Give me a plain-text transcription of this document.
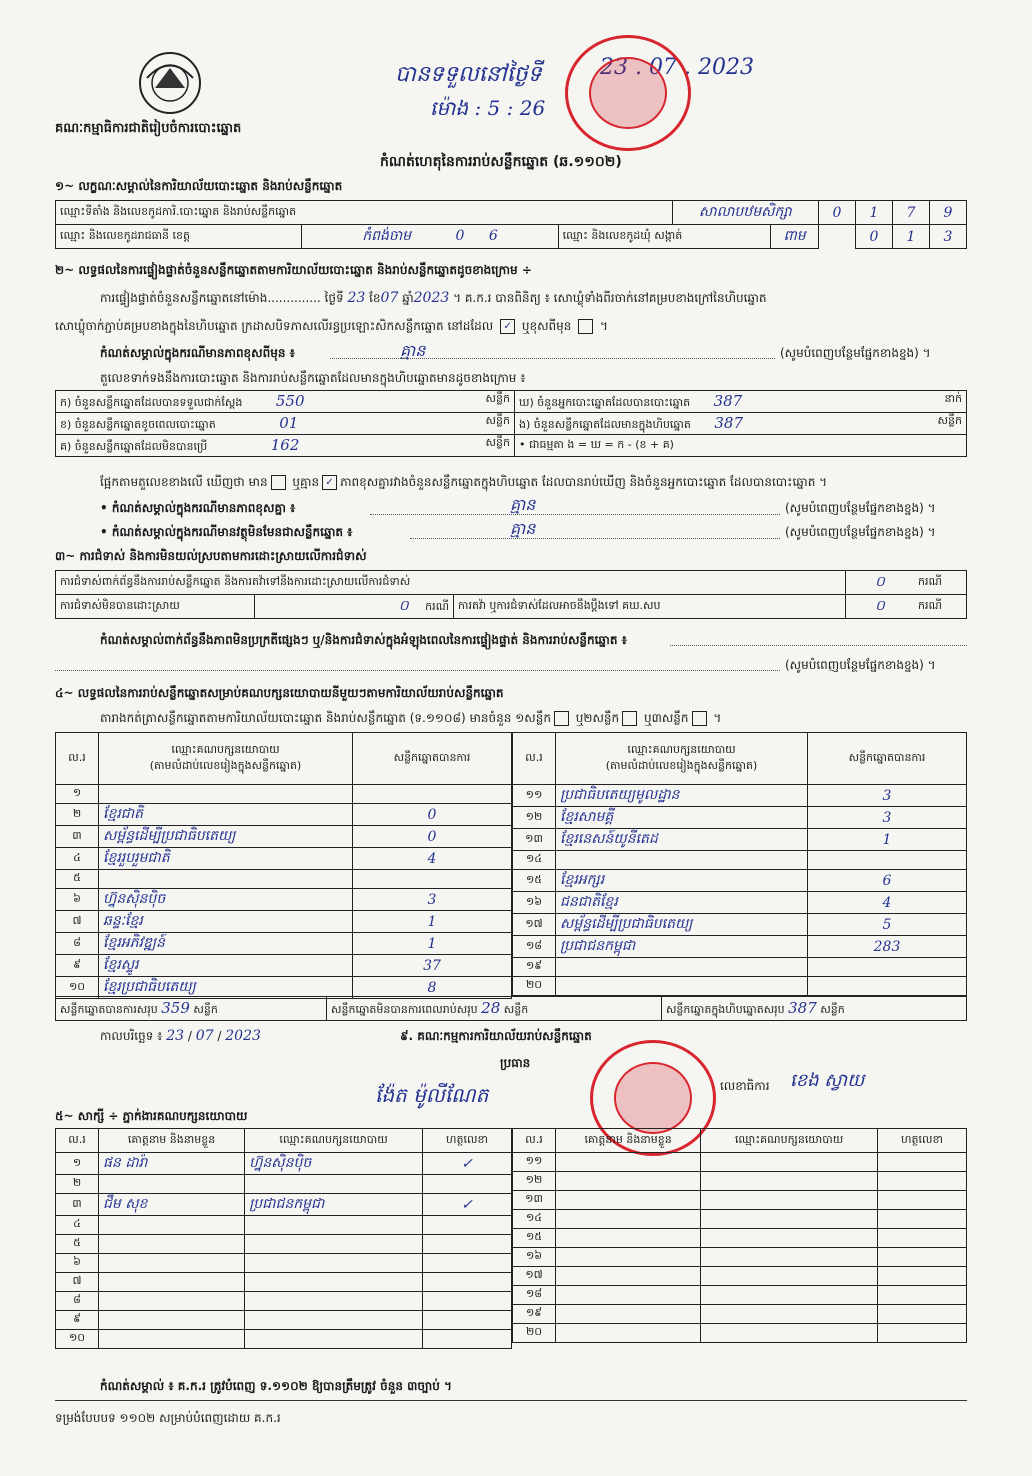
គណៈកម្មាធិការជាតិរៀបចំការបោះឆ្នោត
បានទទួលនៅថ្ងៃទី
ម៉ោង : 5 : 26
23 . 07 . 2023
កំណត់ហេតុនៃការរាប់សន្លឹកឆ្នោត (ឆ.១១០២)
១~ លក្ខណៈសម្គាល់នៃការិយាល័យបោះឆ្នោត និងរាប់សន្លឹកឆ្នោត
ឈ្មោះទីតាំង និងលេខកូដការិ.បោះឆ្នោត និងរាប់សន្លឹកឆ្នោត			សាលាបឋមសិក្សា		0	1	7	9
ឈ្មោះ និងលេខកូដរាជធានី ខេត្ត	កំពង់ចាម 0 6	ឈ្មោះ និងលេខកូដឃុំ សង្កាត់		ពាម		0	1	3
២~ លទ្ធផលនៃការផ្ទៀងផ្ទាត់ចំនួនសន្លឹកឆ្នោតតាមការិយាល័យបោះឆ្នោត និងរាប់សន្លឹកឆ្នោតដូចខាងក្រោម ÷
ការផ្ទៀងផ្ទាត់ចំនួនសន្លឹកឆ្នោតនៅម៉ោង.............. ថ្ងៃទី 23 ខែ07 ឆ្នាំ2023 ។ គ.ក.រ បានពិនិត្យ ៖ សោឃ្លុំទាំងពីរចាក់នៅគម្របខាងក្រៅនៃហិបឆ្នោត
សោឃ្លុំចាក់ភ្ជាប់គម្របខាងក្នុងនៃហិបឆ្នោត ក្រដាសបិទភាសលើរន្ធប្រឡោះសិកសន្លឹកឆ្នោត នៅដដែល ✓ ឬខុសពីមុន  ។
កំណត់សម្គាល់ក្នុងករណីមានភាពខុសពីមុន ៖	គ្មាន	(សូមបំពេញបន្ថែមផ្នែកខាងខ្នង) ។
តួលេខទាក់ទងនឹងការបោះឆ្នោត និងការរាប់សន្លឹកឆ្នោតដែលមានក្នុងហិបឆ្នោតមានដូចខាងក្រោម ៖
ក) ចំនួនសន្លឹកឆ្នោតដែលបានទទួលជាក់ស្តែង 550 សន្លឹក	ឃ) ចំនួនអ្នកបោះឆ្នោតដែលបានបោះឆ្នោត 387 នាក់

ខ) ចំនួនសន្លឹកឆ្នោតខូចពេលបោះឆ្នោត 01 សន្លឹក	ង) ចំនួនសន្លឹកឆ្នោតដែលមានក្នុងហិបឆ្នោត 387 សន្លឹក

គ) ចំនួនសន្លឹកឆ្នោតដែលមិនបានប្រើ 162 សន្លឹក	• ជាធម្មតា ង = ឃ = ក - (ខ + គ)
ផ្អែកតាមតួលេខខាងលើ ឃើញថា មាន ឬគ្មាន ✓ ភាពខុសគ្នារវាងចំនួនសន្លឹកឆ្នោតក្នុងហិបឆ្នោត ដែលបានរាប់ឃើញ និងចំនួនអ្នកបោះឆ្នោត ដែលបានបោះឆ្នោត ។
• កំណត់សម្គាល់ក្នុងករណីមានភាពខុសគ្នា ៖	គ្មាន	(សូមបំពេញបន្ថែមផ្នែកខាងខ្នង) ។
• កំណត់សម្គាល់ក្នុងករណីមានវត្ថុមិនមែនជាសន្លឹកឆ្នោត ៖	គ្មាន	(សូមបំពេញបន្ថែមផ្នែកខាងខ្នង) ។
៣~ ការជំទាស់ និងការមិនយល់ស្របតាមការដោះស្រាយលើការជំទាស់
ការជំទាស់ពាក់ព័ន្ធនឹងការរាប់សន្លឹកឆ្នោត និងការតវ៉ាទៅនឹងការដោះស្រាយលើការជំទាស់			០	ករណី
ការជំទាស់មិនបានដោះស្រាយ	០ ករណី	ការតវ៉ា ឬការជំទាស់ដែលអាចនឹងប្តឹងទៅ គឃ.សប	០	ករណី
កំណត់សម្គាល់ពាក់ព័ន្ធនឹងភាពមិនប្រក្រតីផ្សេងៗ ឬ/និងការជំទាស់ក្នុងអំឡុងពេលនៃការផ្ទៀងផ្ទាត់ និងការរាប់សន្លឹកឆ្នោត ៖
(សូមបំពេញបន្ថែមផ្នែកខាងខ្នង) ។
៤~ លទ្ធផលនៃការរាប់សន្លឹកឆ្នោតសម្រាប់គណបក្សនយោបាយនីមួយៗតាមការិយាល័យរាប់សន្លឹកឆ្នោត
តារាងកត់ត្រាសន្លឹកឆ្នោតតាមការិយាល័យបោះឆ្នោត និងរាប់សន្លឹកឆ្នោត (ទ.១១០៨) មានចំនួន ១សន្លឹក ឬ២សន្លឹក ឬ៣សន្លឹក ។
ល.រ	ឈ្មោះគណបក្សនយោបាយ
(តាមលំដាប់លេខរៀងក្នុងសន្លឹកឆ្នោត)	សន្លឹកឆ្នោតបានការ
១		
២	ខ្មែរជាតិ	0
៣	សម្ព័ន្ធដើម្បីប្រជាធិបតេយ្យ	0
៤	ខ្មែររួបរួមជាតិ	4
៥		
៦	ហ្វ៊ុនស៊ិនប៉ិច	3
៧	ឆន្ទៈខ្មែរ	1
៨	ខ្មែរអភិវឌ្ឍន៍	1
៩	ខ្មែរស្ទូរ	37
១០	ខ្មែរប្រជាធិបតេយ្យ	8
ល.រ	ឈ្មោះគណបក្សនយោបាយ
(តាមលំដាប់លេខរៀងក្នុងសន្លឹកឆ្នោត)	សន្លឹកឆ្នោតបានការ
១១	ប្រជាធិបតេយ្យមូលដ្ឋាន	3
១២	ខ្មែរសាមគ្គី	3
១៣	ខ្មែរនេសន៍យូនីតេដ	1
១៤		
១៥	ខ្មែរអក្សរ	6
១៦	ជនជាតិខ្មែរ	4
១៧	សម្ព័ន្ធដើម្បីប្រជាធិបតេយ្យ	5
១៨	ប្រជាជនកម្ពុជា	283
១៩		
២០		
សន្លឹកឆ្នោតបានការសរុប 359 សន្លឹក	សន្លឹកឆ្នោតមិនបានការពេលរាប់សរុប 28 សន្លឹក	សន្លឹកឆ្នោតក្នុងហិបឆ្នោតសរុប 387 សន្លឹក
កាលបរិច្ឆេទ ៖ 23 / 07 / 2023	៩. គណៈកម្មការការិយាល័យរាប់សន្លឹកឆ្នោត
ប្រធាន
ង៉ែត ម៉ូលីណែត	លេខាធិការ ខេង ស្វាយ
៥~ សាក្សី ÷ ភ្នាក់ងារគណបក្សនយោបាយ
ល.រ	គោត្តនាម និងនាមខ្លួន	ឈ្មោះគណបក្សនយោបាយ	ហត្ថលេខា
១	ផន ដារ៉ា	ហ្វ៊ុនស៊ិនប៉ិច	✓
២			
៣	ជឹម សុខ	ប្រជាជនកម្ពុជា	✓
៤			
៥			
៦			
៧			
៨			
៩			
១០			
ល.រ	គោត្តនាម និងនាមខ្លួន	ឈ្មោះគណបក្សនយោបាយ	ហត្ថលេខា
១១			
១២			
១៣			
១៤			
១៥			
១៦			
១៧			
១៨			
១៩			
២០			
កំណត់សម្គាល់ ៖ គ.ក.រ ត្រូវបំពេញ ទ.១១០២ ឱ្យបានត្រឹមត្រូវ ចំនួន ៣ច្បាប់ ។
ទម្រង់បែបបទ ១១០២ សម្រាប់បំពេញដោយ គ.ក.រ
